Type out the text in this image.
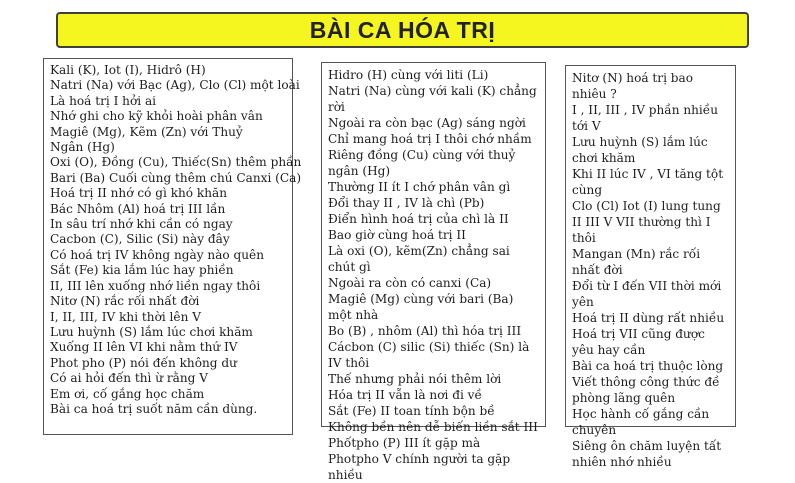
BÀI CA HÓA TRỊ
Kali (K), Iot (I), Hidrô (H)
Natri (Na) với Bạc (Ag), Clo (Cl) một loài
Là hoá trị I hởi ai
Nhớ ghi cho kỹ khỏi hoài phân vân
Magiê (Mg), Kẽm (Zn) với Thuỷ
Ngân (Hg)
Oxi (O), Đồng (Cu), Thiếc(Sn) thêm phần
Bari (Ba) Cuối cùng thêm chú Canxi (Ca)
Hoá trị II nhớ có gì khó khăn
Bác Nhôm (Al) hoá trị III lần
In sâu trí nhớ khi cần có ngay
Cacbon (C), Silic (Si) này đây
Có hoá trị IV không ngày nào quên
Sắt (Fe) kia lắm lúc hay phiền
II, III lên xuống nhớ liền ngay thôi
Nitơ (N) rắc rối nhất đời
I, II, III, IV khi thời lên V
Lưu huỳnh (S) lắm lúc chơi khăm
Xuống II lên VI khi nằm thứ IV
Phot pho (P) nói đến không dư
Có ai hỏi đến thì ừ rằng V
Em ơi, cố gắng học chăm
Bài ca hoá trị suốt năm cần dùng.
Hidro (H) cùng với liti (Li)
Natri (Na) cùng với kali (K) chẳng rời
Ngoài ra còn bạc (Ag) sáng ngời
Chỉ mang hoá trị I thôi chớ nhầm
Riêng đồng (Cu) cùng với thuỷ ngân (Hg)
Thường II ít I chớ phân vân gì
Đổi thay II , IV là chì (Pb)
Điển hình hoá trị của chì là II
Bao giờ cùng hoá trị II
Là oxi (O), kẽm(Zn) chẳng sai chút gì
Ngoài ra còn có canxi (Ca)
Magiê (Mg) cùng với bari (Ba) một nhà
Bo (B) , nhôm (Al) thì hóa trị III
Cácbon (C) silic (Si) thiếc (Sn) là IV thôi
Thế nhưng phải nói thêm lời
Hóa trị II vẫn là nơi đi về
Sắt (Fe) II toan tính bộn bề
Không bền nên dễ biến liền sắt III
Phốtpho (P) III ít gặp mà
Photpho V chính người ta gặp nhiều
Nitơ (N) hoá trị bao nhiêu ?
I , II, III , IV phần nhiều tới V
Lưu huỳnh (S) lắm lúc chơi khăm
Khi II lúc IV , VI tăng tột cùng
Clo (Cl) Iot (I) lung tung
II III V VII thường thì I thôi
Mangan (Mn) rắc rối nhất đời
Đổi từ I đến VII thời mới yên
Hoá trị II dùng rất nhiều
Hoá trị VII cũng được yêu hay cần
Bài ca hoá trị thuộc lòng
Viết thông công thức đề phòng lãng quên
Học hành cố gắng cần chuyên
Siêng ôn chăm luyện tất nhiên nhớ nhiều
